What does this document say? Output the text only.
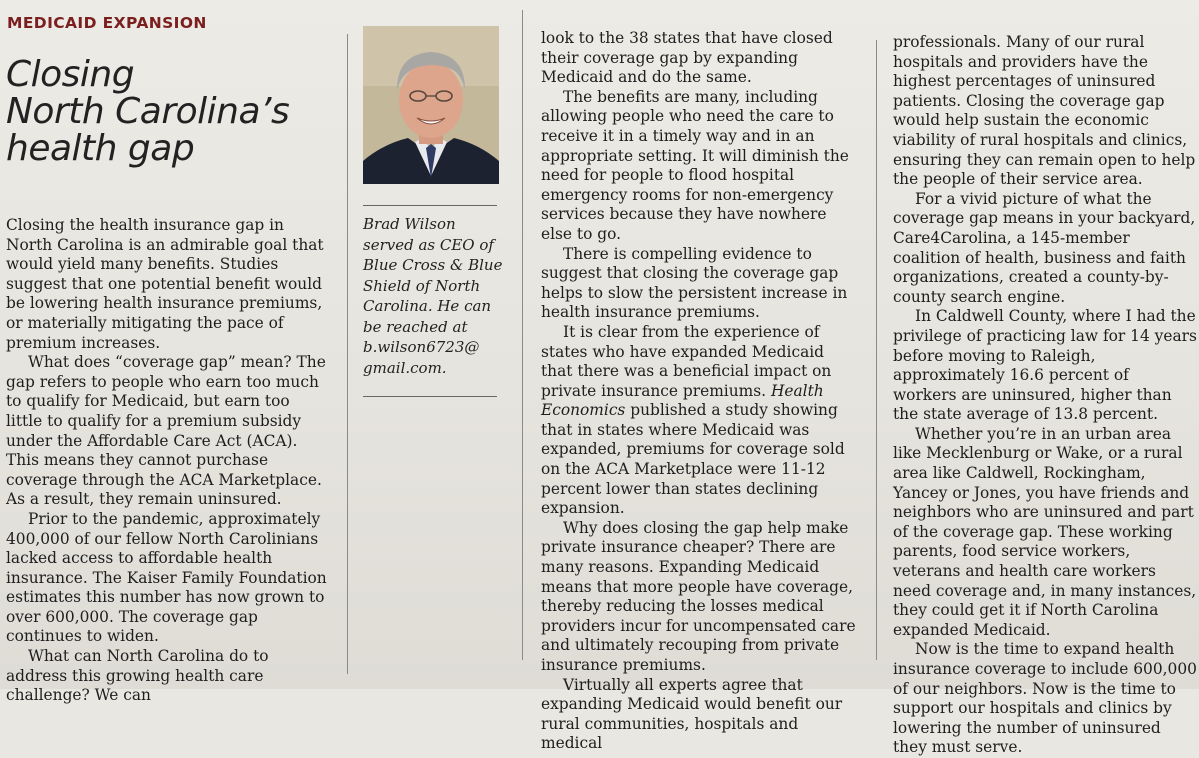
MEDICAID EXPANSION
Closing
North Carolina’s
health gap

Closing the health insurance gap in North Carolina is an admirable goal that would yield many benefits. Studies suggest that one potential benefit would be lowering health insurance premiums, or materially mitigating the pace of premium increases.

What does “coverage gap” mean? The gap refers to people who earn too much to qualify for Medicaid, but earn too little to qualify for a premium subsidy under the Affordable Care Act (ACA). This means they cannot purchase coverage through the ACA Marketplace. As a result, they remain uninsured.

Prior to the pandemic, approximately 400,000 of our fellow North Carolinians lacked access to affordable health insurance. The Kaiser Family Foundation estimates this number has now grown to over 600,000. The coverage gap continues to widen.

What can North Carolina do to address this growing health care challenge? We can

Brad Wilson served as CEO of Blue Cross & Blue Shield of North Carolina. He can be reached at b.wilson6723@ gmail.com.

look to the 38 states that have closed their coverage gap by expanding Medicaid and do the same.

The benefits are many, including allowing people who need the care to receive it in a timely way and in an appropriate setting. It will diminish the need for people to flood hospital emergency rooms for non-emergency services because they have nowhere else to go.

There is compelling evidence to suggest that closing the coverage gap helps to slow the persistent increase in health insurance premiums.

It is clear from the experience of states who have expanded Medicaid that there was a beneficial impact on private insurance premiums. Health Economics published a study showing that in states where Medicaid was expanded, premiums for coverage sold on the ACA Marketplace were 11-12 percent lower than states declining expansion.

Why does closing the gap help make private insurance cheaper? There are many reasons. Expanding Medicaid means that more people have coverage, thereby reducing the losses medical providers incur for uncompensated care and ultimately recouping from private insurance premiums.

Virtually all experts agree that expanding Medicaid would benefit our rural communities, hospitals and medical

professionals. Many of our rural hospitals and providers have the highest percentages of uninsured patients. Closing the coverage gap would help sustain the economic viability of rural hospitals and clinics, ensuring they can remain open to help the people of their service area.

For a vivid picture of what the coverage gap means in your backyard, Care4Carolina, a 145-member coalition of health, business and faith organizations, created a county-by-county search engine.

In Caldwell County, where I had the privilege of practicing law for 14 years before moving to Raleigh, approximately 16.6 percent of workers are uninsured, higher than the state average of 13.8 percent.

Whether you’re in an urban area like Mecklenburg or Wake, or a rural area like Caldwell, Rockingham, Yancey or Jones, you have friends and neighbors who are uninsured and part of the coverage gap. These working parents, food service workers, veterans and health care workers need coverage and, in many instances, they could get it if North Carolina expanded Medicaid.

Now is the time to expand health insurance coverage to include 600,000 of our neighbors. Now is the time to support our hospitals and clinics by lowering the number of uninsured they must serve.
